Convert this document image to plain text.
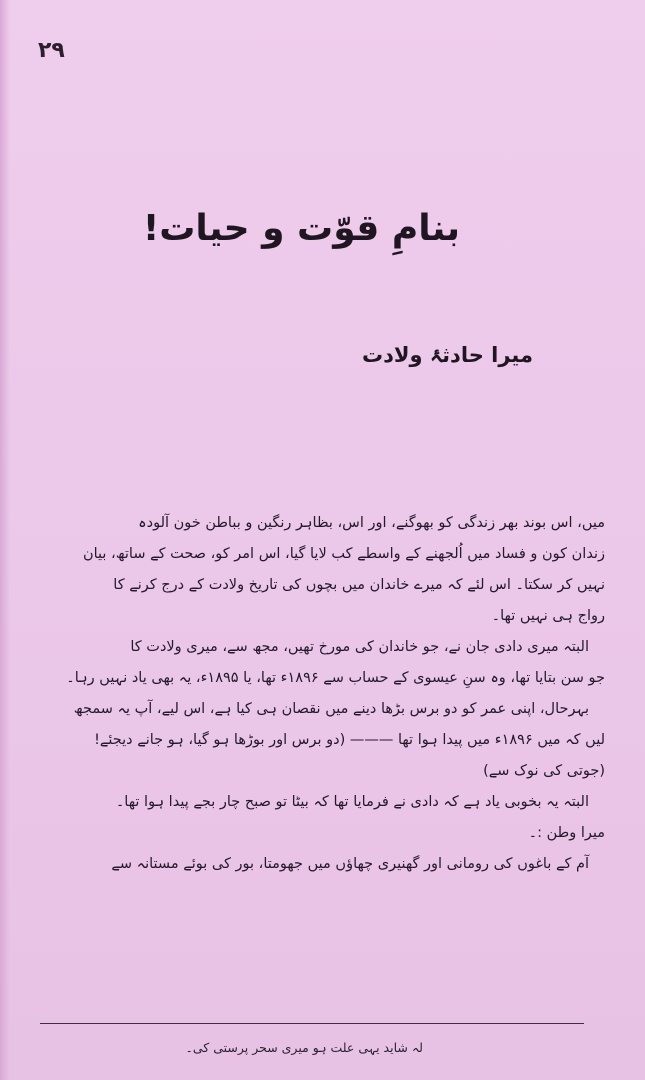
۲۹
بنامِ قوّت و حیات!
میرا حادثۂ ولادت
میں، اس بوند بھر زندگی کو بھوگنے، اور اس، بظاہر رنگین و بباطن خون آلودہ
زندان کون و فساد میں اُلجھنے کے واسطے کب لایا گیا، اس امر کو، صحت کے ساتھ، بیان
نہیں کر سکتا۔ اس لئے کہ میرے خاندان میں بچوں کی تاریخ ولادت کے درج کرنے کا
رواج ہی نہیں تھا۔
البتہ میری دادی جان نے، جو خاندان کی مورخ تھیں، مجھ سے، میری ولادت کا
جو سن بتایا تھا، وہ سنِ عیسوی کے حساب سے ۱۸۹۶ء تھا، یا ۱۸۹۵ء، یہ بھی یاد نہیں رہا۔
بہرحال، اپنی عمر کو دو برس بڑھا دینے میں نقصان ہی کیا ہے، اس لیے، آپ یہ سمجھ
لیں کہ میں ۱۸۹۶ء میں پیدا ہوا تھا ——— (دو برس اور بوڑھا ہو گیا، ہو جانے دیجئے!
(جوتی کی نوک سے)
البتہ یہ بخوبی یاد ہے کہ دادی نے فرمایا تھا کہ بیٹا تو صبح چار بجے پیدا ہوا تھا۔
میرا وطن :۔
آم کے باغوں کی رومانی اور گھنیری چھاؤں میں جھومتا، بور کی بوئے مستانہ سے
لہ شاید یہی علت ہو میری سحر پرستی کی۔
